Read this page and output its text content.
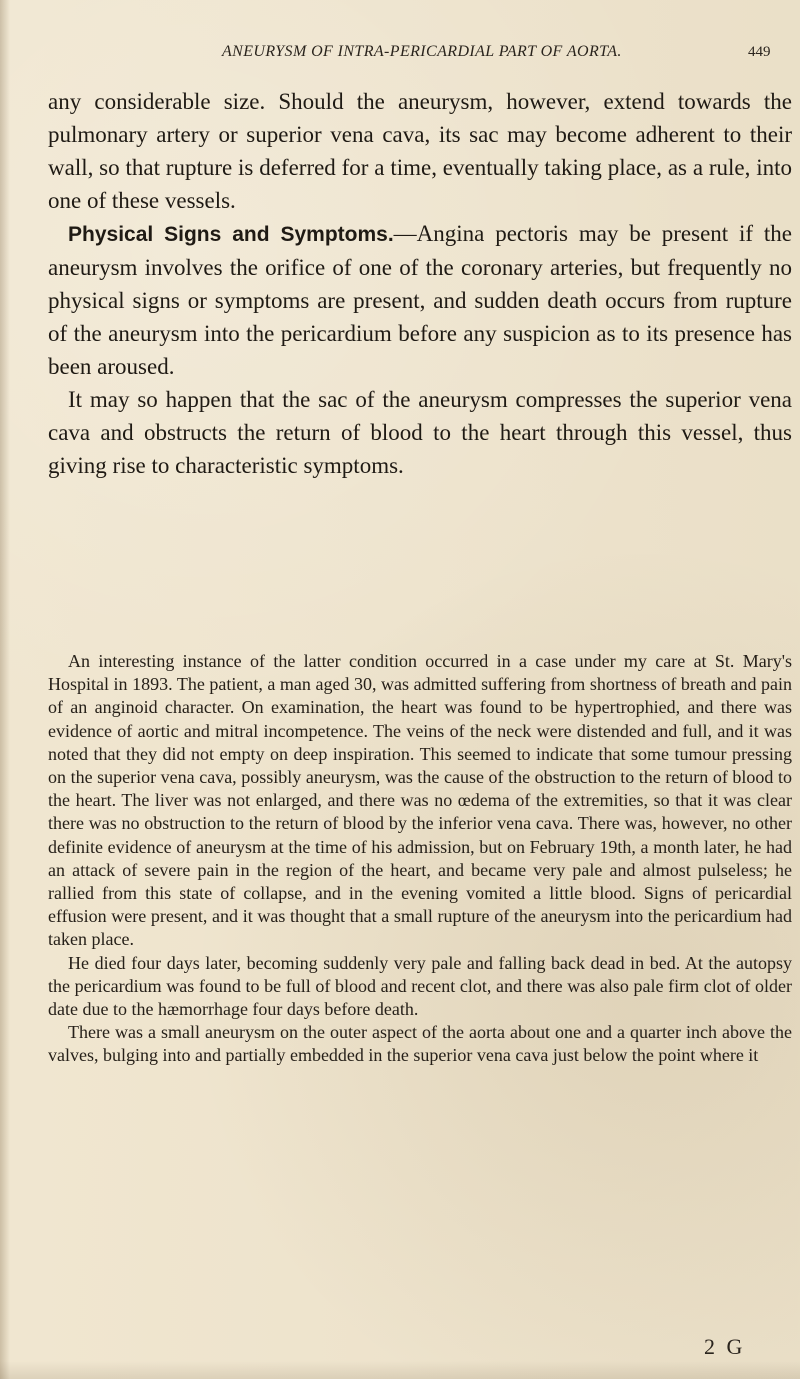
ANEURYSM OF INTRA-PERICARDIAL PART OF AORTA.	449

any considerable size. Should the aneurysm, however, extend towards the pulmonary artery or superior vena cava, its sac may become adherent to their wall, so that rupture is deferred for a time, eventually taking place, as a rule, into one of these vessels.

Physical Signs and Symptoms.—Angina pectoris may be present if the aneurysm involves the orifice of one of the coronary arteries, but frequently no physical signs or symptoms are present, and sudden death occurs from rupture of the aneurysm into the pericardium before any suspicion as to its presence has been aroused.

It may so happen that the sac of the aneurysm compresses the superior vena cava and obstructs the return of blood to the heart through this vessel, thus giving rise to characteristic symptoms.

An interesting instance of the latter condition occurred in a case under my care at St. Mary's Hospital in 1893. The patient, a man aged 30, was admitted suffering from shortness of breath and pain of an anginoid character. On examination, the heart was found to be hypertrophied, and there was evidence of aortic and mitral incompetence. The veins of the neck were distended and full, and it was noted that they did not empty on deep inspiration. This seemed to indicate that some tumour pressing on the superior vena cava, possibly aneurysm, was the cause of the obstruction to the return of blood to the heart. The liver was not enlarged, and there was no œdema of the extremities, so that it was clear there was no obstruction to the return of blood by the inferior vena cava. There was, however, no other definite evidence of aneurysm at the time of his admission, but on February 19th, a month later, he had an attack of severe pain in the region of the heart, and became very pale and almost pulseless; he rallied from this state of collapse, and in the evening vomited a little blood. Signs of pericardial effusion were present, and it was thought that a small rupture of the aneurysm into the pericardium had taken place.

He died four days later, becoming suddenly very pale and falling back dead in bed. At the autopsy the pericardium was found to be full of blood and recent clot, and there was also pale firm clot of older date due to the hæmorrhage four days before death.

There was a small aneurysm on the outer aspect of the aorta about one and a quarter inch above the valves, bulging into and partially embedded in the superior vena cava just below the point where it

2 G
